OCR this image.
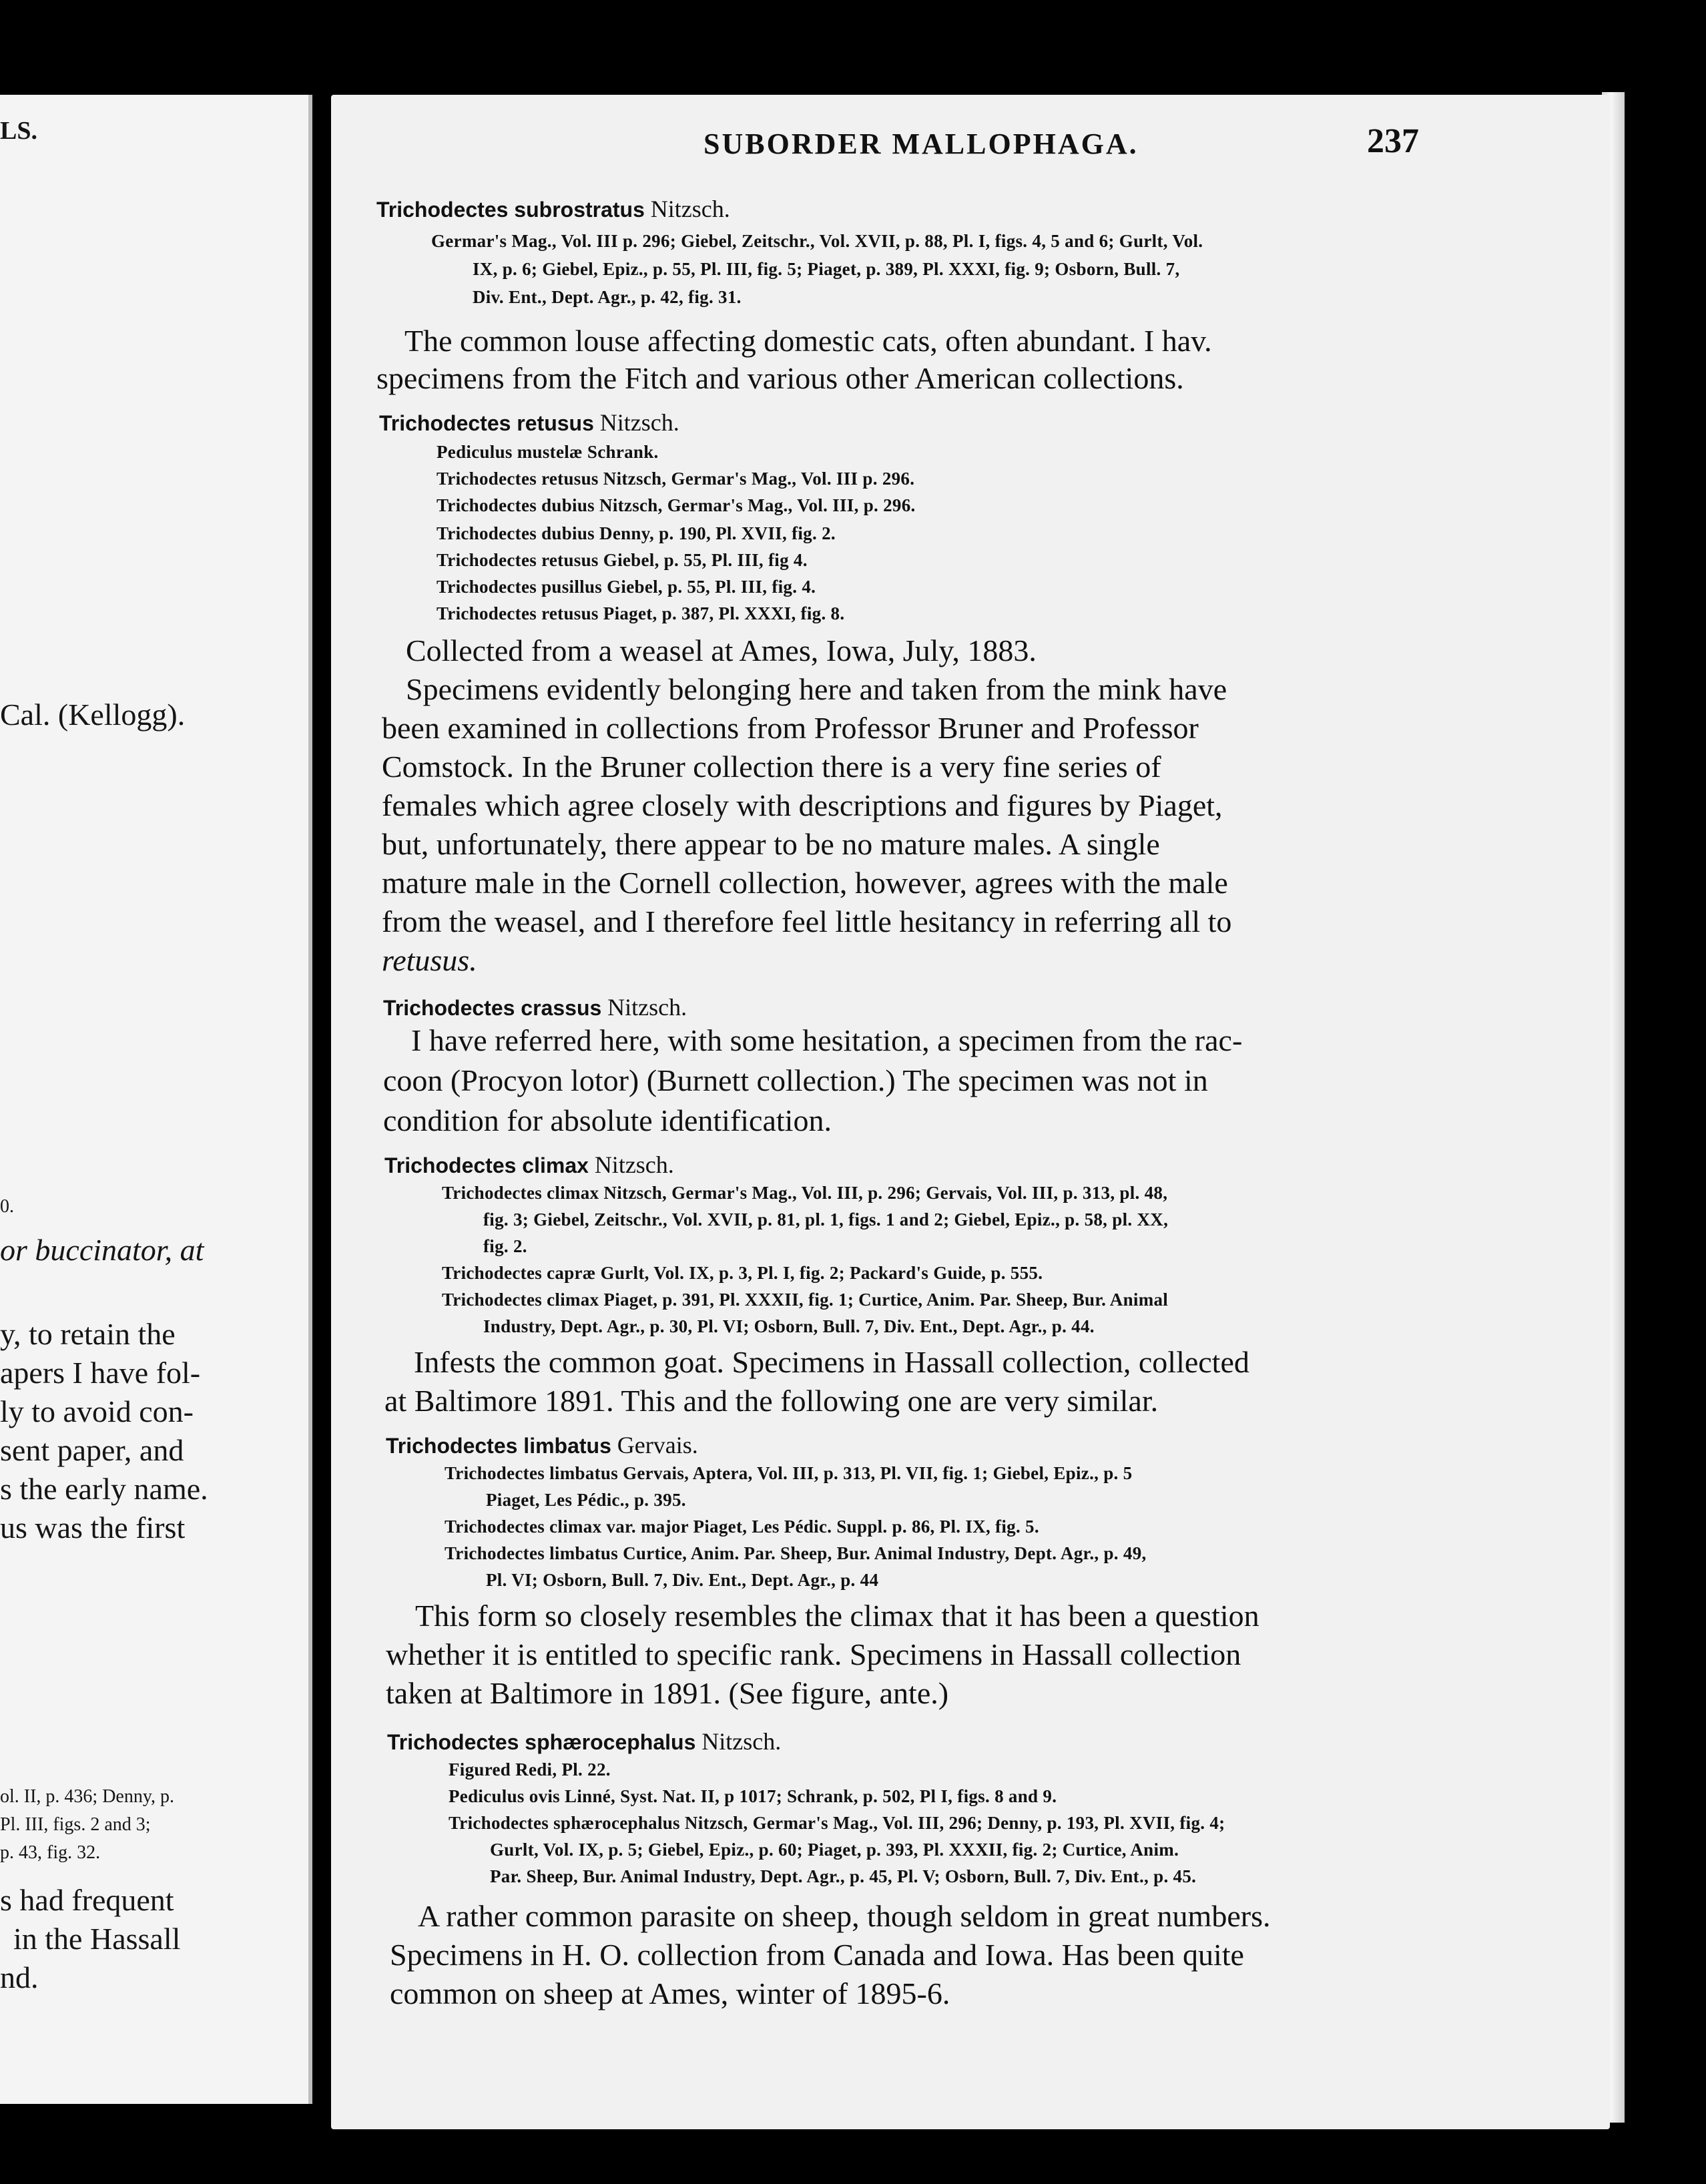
LS.
Cal. (Kellogg).
0.
or buccinator, at
y, to retain the
apers I have fol-
ly to avoid con-
sent paper, and
s the early name.
us was the first
ol. II, p. 436; Denny, p.
Pl. III, figs. 2 and 3;
p. 43, fig. 32.
s had frequent
in the Hassall
nd.
SUBORDER MALLOPHAGA.	237
Trichodectes subrostratus Nitzsch.
Germar's Mag., Vol. III p. 296; Giebel, Zeitschr., Vol. XVII, p. 88, Pl. I, figs. 4, 5 and 6; Gurlt, Vol.
IX, p. 6; Giebel, Epiz., p. 55, Pl. III, fig. 5; Piaget, p. 389, Pl. XXXI, fig. 9; Osborn, Bull. 7,
Div. Ent., Dept. Agr., p. 42, fig. 31.
The common louse affecting domestic cats, often abundant. I hav.
specimens from the Fitch and various other American collections.
Trichodectes retusus Nitzsch.
Pediculus mustelæ Schrank.
Trichodectes retusus Nitzsch, Germar's Mag., Vol. III p. 296.
Trichodectes dubius Nitzsch, Germar's Mag., Vol. III, p. 296.
Trichodectes dubius Denny, p. 190, Pl. XVII, fig. 2.
Trichodectes retusus Giebel, p. 55, Pl. III, fig 4.
Trichodectes pusillus Giebel, p. 55, Pl. III, fig. 4.
Trichodectes retusus Piaget, p. 387, Pl. XXXI, fig. 8.
Collected from a weasel at Ames, Iowa, July, 1883.
Specimens evidently belonging here and taken from the mink have
been examined in collections from Professor Bruner and Professor
Comstock. In the Bruner collection there is a very fine series of
females which agree closely with descriptions and figures by Piaget,
but, unfortunately, there appear to be no mature males. A single
mature male in the Cornell collection, however, agrees with the male
from the weasel, and I therefore feel little hesitancy in referring all to
retusus.
Trichodectes crassus Nitzsch.
I have referred here, with some hesitation, a specimen from the rac-
coon (Procyon lotor) (Burnett collection.) The specimen was not in
condition for absolute identification.
Trichodectes climax Nitzsch.
Trichodectes climax Nitzsch, Germar's Mag., Vol. III, p. 296; Gervais, Vol. III, p. 313, pl. 48,
fig. 3; Giebel, Zeitschr., Vol. XVII, p. 81, pl. 1, figs. 1 and 2; Giebel, Epiz., p. 58, pl. XX,
fig. 2.
Trichodectes capræ Gurlt, Vol. IX, p. 3, Pl. I, fig. 2; Packard's Guide, p. 555.
Trichodectes climax Piaget, p. 391, Pl. XXXII, fig. 1; Curtice, Anim. Par. Sheep, Bur. Animal
Industry, Dept. Agr., p. 30, Pl. VI; Osborn, Bull. 7, Div. Ent., Dept. Agr., p. 44.
Infests the common goat. Specimens in Hassall collection, collected
at Baltimore 1891. This and the following one are very similar.
Trichodectes limbatus Gervais.
Trichodectes limbatus Gervais, Aptera, Vol. III, p. 313, Pl. VII, fig. 1; Giebel, Epiz., p. 5
Piaget, Les Pédic., p. 395.
Trichodectes climax var. major Piaget, Les Pédic. Suppl. p. 86, Pl. IX, fig. 5.
Trichodectes limbatus Curtice, Anim. Par. Sheep, Bur. Animal Industry, Dept. Agr., p. 49,
Pl. VI; Osborn, Bull. 7, Div. Ent., Dept. Agr., p. 44
This form so closely resembles the climax that it has been a question
whether it is entitled to specific rank. Specimens in Hassall collection
taken at Baltimore in 1891. (See figure, ante.)
Trichodectes sphærocephalus Nitzsch.
Figured Redi, Pl. 22.
Pediculus ovis Linné, Syst. Nat. II, p 1017; Schrank, p. 502, Pl I, figs. 8 and 9.
Trichodectes sphærocephalus Nitzsch, Germar's Mag., Vol. III, 296; Denny, p. 193, Pl. XVII, fig. 4;
Gurlt, Vol. IX, p. 5; Giebel, Epiz., p. 60; Piaget, p. 393, Pl. XXXII, fig. 2; Curtice, Anim.
Par. Sheep, Bur. Animal Industry, Dept. Agr., p. 45, Pl. V; Osborn, Bull. 7, Div. Ent., p. 45.
A rather common parasite on sheep, though seldom in great numbers.
Specimens in H. O. collection from Canada and Iowa. Has been quite
common on sheep at Ames, winter of 1895-6.
